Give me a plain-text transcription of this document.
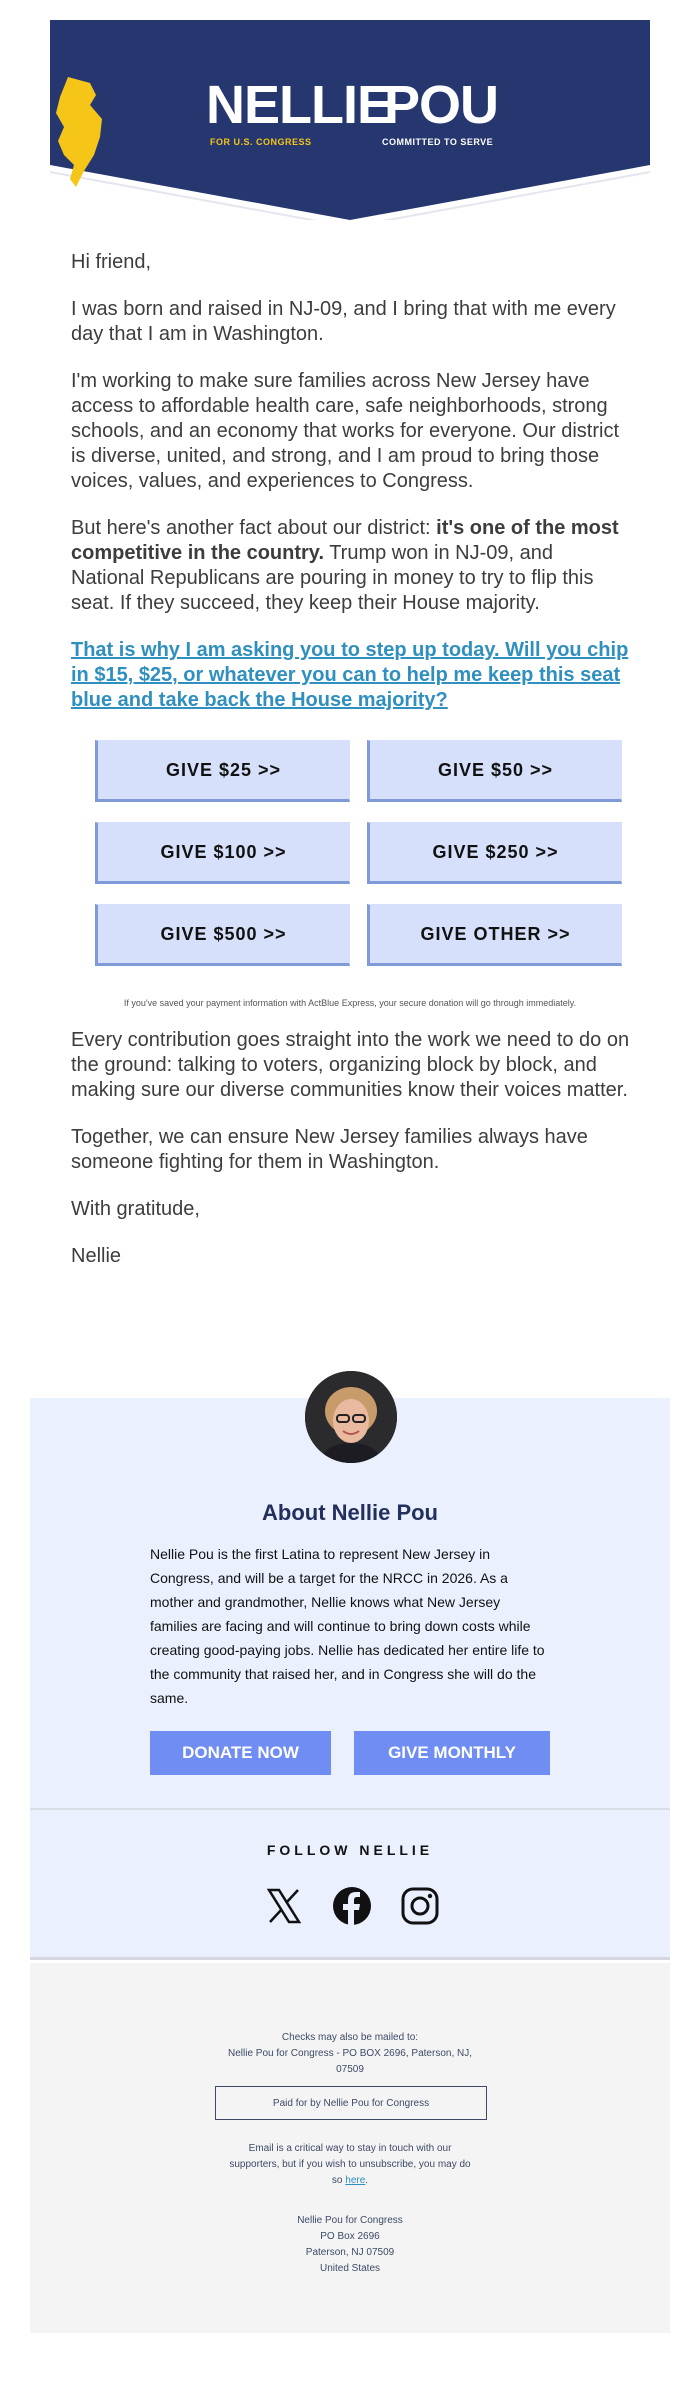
NELLIE
POU
FOR U.S. CONGRESS	COMMITTED TO SERVE

Hi friend,

I was born and raised in NJ-09, and I bring that with me every day that I am in Washington.

I'm working to make sure families across New Jersey have access to affordable health care, safe neighborhoods, strong schools, and an economy that works for everyone. Our district is diverse, united, and strong, and I am proud to bring those voices, values, and experiences to Congress.

But here's another fact about our district: it's one of the most competitive in the country. Trump won in NJ-09, and National Republicans are pouring in money to try to flip this seat. If they succeed, they keep their House majority.

That is why I am asking you to step up today. Will you chip in $15, $25, or whatever you can to help me keep this seat blue and take back the House majority?
GIVE $25 >>	GIVE $50 >>
GIVE $100 >>	GIVE $250 >>
GIVE $500 >>	GIVE OTHER >>
If you've saved your payment information with ActBlue Express, your secure donation will go through immediately.

Every contribution goes straight into the work we need to do on the ground: talking to voters, organizing block by block, and making sure our diverse communities know their voices matter.

Together, we can ensure New Jersey families always have someone fighting for them in Washington.

With gratitude,

Nellie

About Nellie Pou
Nellie Pou is the first Latina to represent New Jersey in Congress, and will be a target for the NRCC in 2026. As a mother and grandmother, Nellie knows what New Jersey families are facing and will continue to bring down costs while creating good-paying jobs. Nellie has dedicated her entire life to the community that raised her, and in Congress she will do the same.
DONATE NOW	GIVE MONTHLY
FOLLOW NELLIE
Checks may also be mailed to:
Nellie Pou for Congress - PO BOX 2696, Paterson, NJ,
07509
Paid for by Nellie Pou for Congress
Email is a critical way to stay in touch with our
supporters, but if you wish to unsubscribe, you may do
so here.
Nellie Pou for Congress
PO Box 2696
Paterson, NJ 07509
United States
